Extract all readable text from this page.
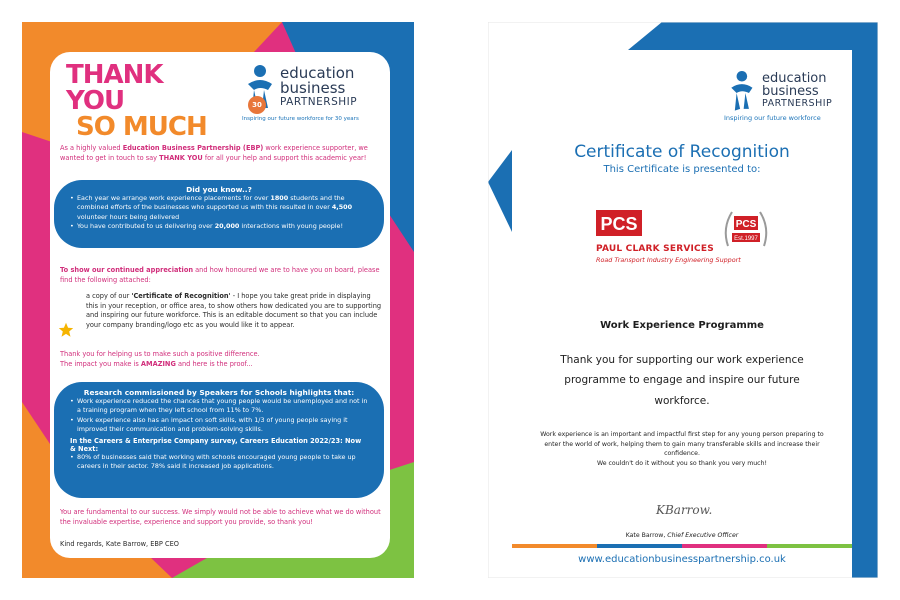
THANK YOU
SO MUCH
30
education
business
PARTNERSHIP
Inspiring our future workforce for 30 years
As a highly valued Education Business Partnership (EBP) work experience supporter, we wanted to get in touch to say THANK YOU for all your help and support this academic year!
Did you know..?
• Each year we arrange work experience placements for over 1800 students and the combined efforts of the businesses who supported us with this resulted in over 4,500 volunteer hours being delivered
• You have contributed to us delivering over 20,000 interactions with young people!
To show our continued appreciation and how honoured we are to have you on board, please find the following attached:
a copy of our 'Certificate of Recognition' - I hope you take great pride in displaying this in your reception, or office area, to show others how dedicated you are to supporting and inspiring our future workforce. This is an editable document so that you can include your company branding/logo etc as you would like it to appear.
Thank you for helping us to make such a positive difference.
The impact you make is AMAZING and here is the proof...
Research commissioned by Speakers for Schools highlights that:
• Work experience reduced the chances that young people would be unemployed and not in a training program when they left school from 11% to 7%.
• Work experience also has an impact on soft skills, with 1/3 of young people saying it improved their communication and problem-solving skills.
In the Careers & Enterprise Company survey, Careers Education 2022/23: Now & Next:
• 80% of businesses said that working with schools encouraged young people to take up careers in their sector. 78% said it increased job applications.
You are fundamental to our success. We simply would not be able to achieve what we do without the invaluable expertise, experience and support you provide, so thank you!
Kind regards, Kate Barrow, EBP CEO
education
business
PARTNERSHIP
Inspiring our future workforce
Certificate of Recognition
This Certificate is presented to:
PCS
PAUL CLARK SERVICES
Road Transport Industry Engineering Support
PCS
Est.1997
Work Experience Programme
Thank you for supporting our work experience programme to engage and inspire our future workforce.
Work experience is an important and impactful first step for any young person preparing to enter the world of work, helping them to gain many transferable skills and increase their confidence.
We couldn't do it without you so thank you very much!
KBarrow.
Kate Barrow, Chief Executive Officer
www.educationbusinesspartnership.co.uk
